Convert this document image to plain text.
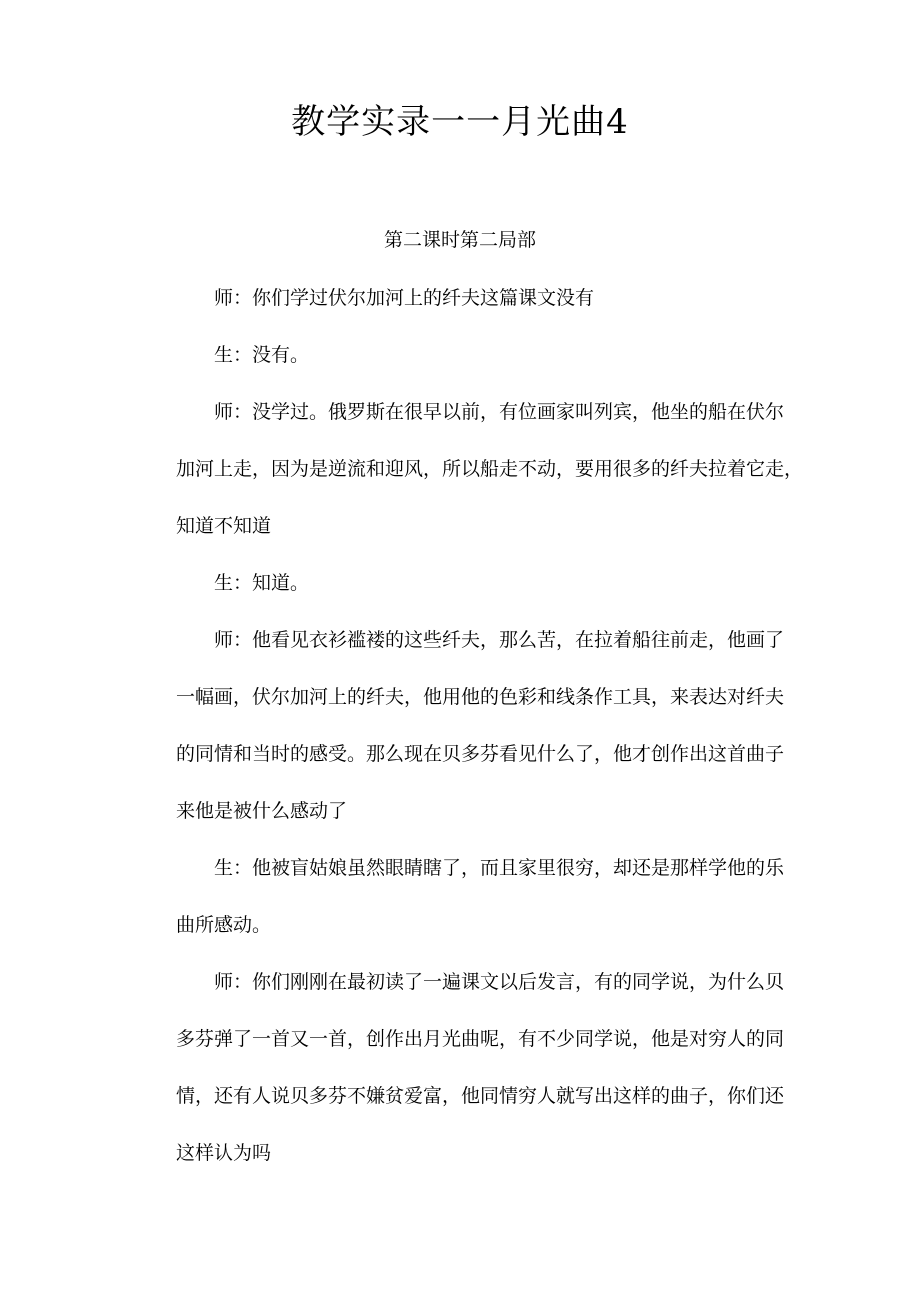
教学实录一一月光曲4

第二课时第二局部

师：你们学过伏尔加河上的纤夫这篇课文没有
生：没有。
师：没学过。俄罗斯在很早以前，有位画家叫列宾，他坐的船在伏尔
加河上走，因为是逆流和迎风，所以船走不动，要用很多的纤夫拉着它走，
知道不知道
生：知道。
师：他看见衣衫褴褛的这些纤夫，那么苦，在拉着船往前走，他画了
一幅画，伏尔加河上的纤夫，他用他的色彩和线条作工具，来表达对纤夫
的同情和当时的感受。那么现在贝多芬看见什么了，他才创作出这首曲子
来他是被什么感动了
生：他被盲姑娘虽然眼睛瞎了，而且家里很穷，却还是那样学他的乐
曲所感动。
师：你们刚刚在最初读了一遍课文以后发言，有的同学说，为什么贝
多芬弹了一首又一首，创作出月光曲呢，有不少同学说，他是对穷人的同
情，还有人说贝多芬不嫌贫爱富，他同情穷人就写出这样的曲子，你们还
这样认为吗
